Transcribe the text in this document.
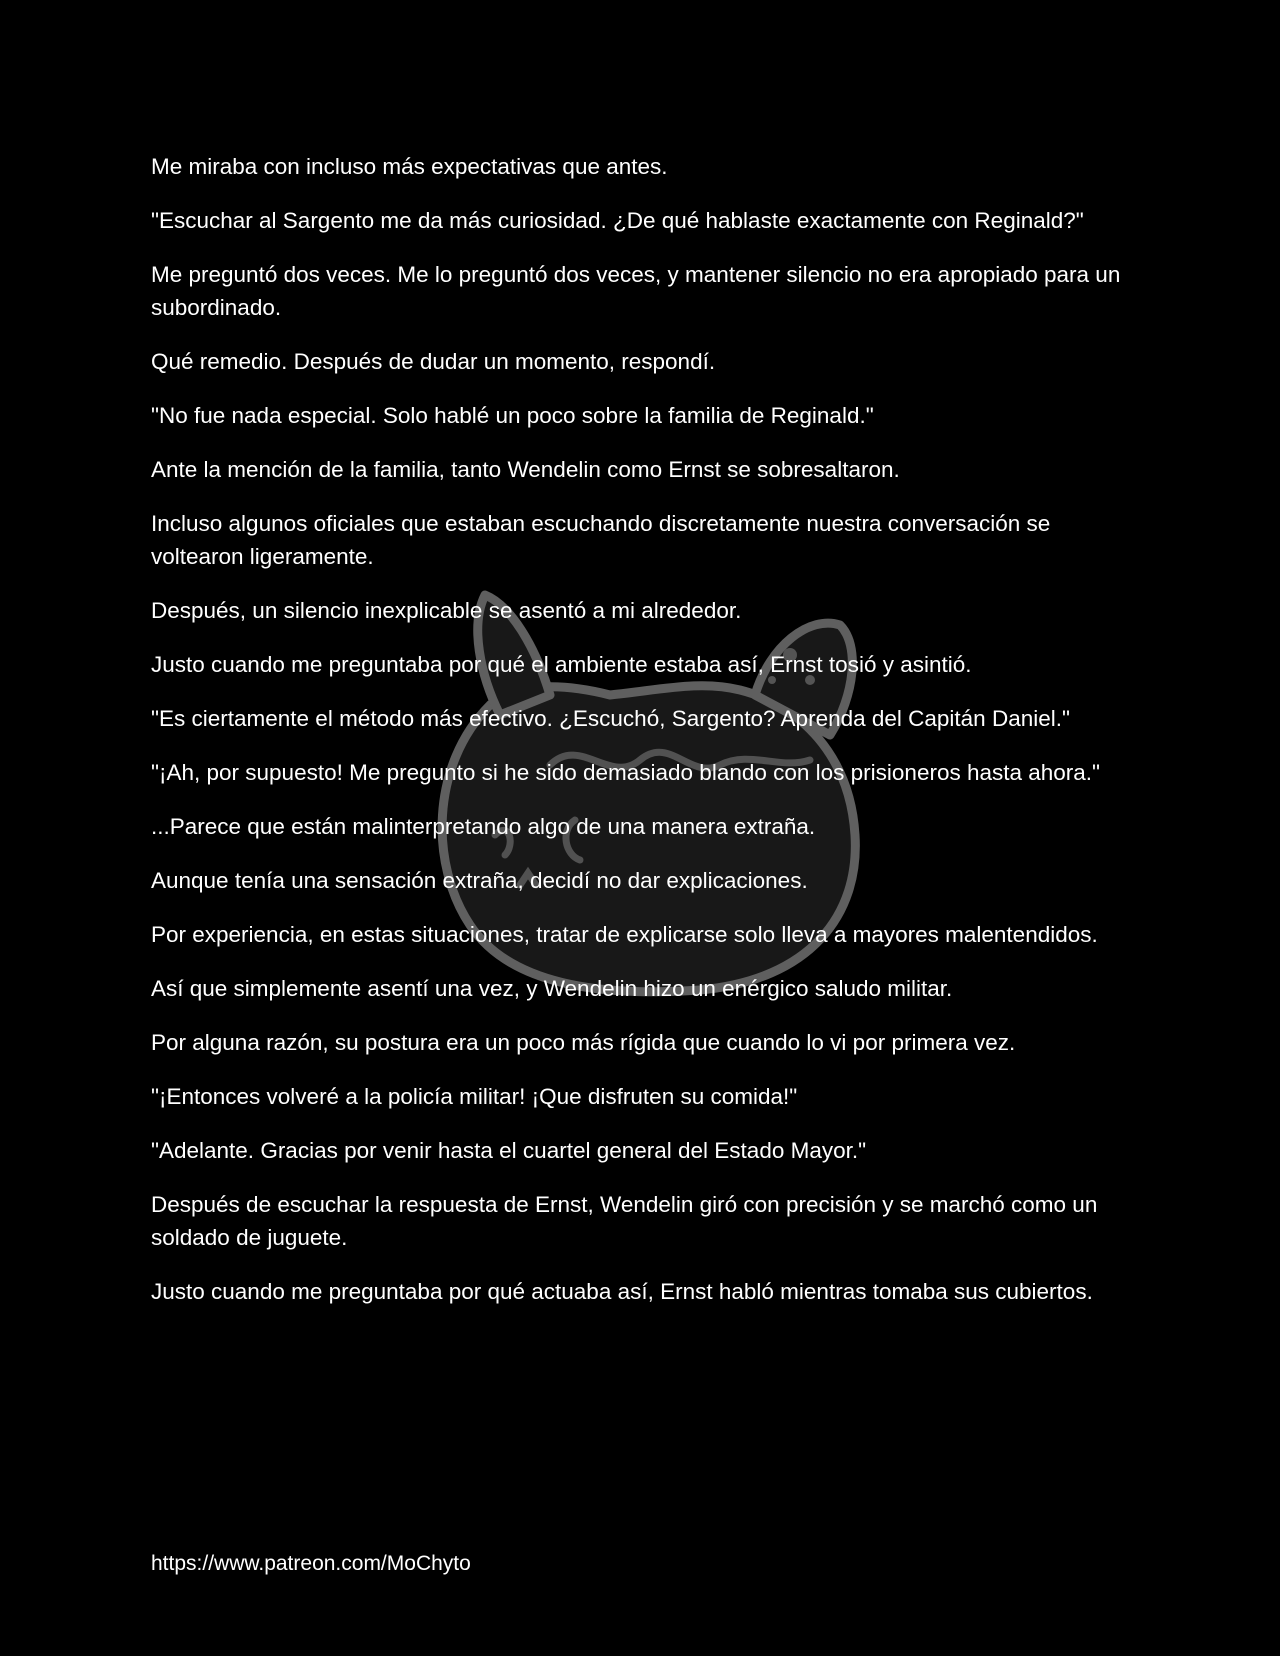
Me miraba con incluso más expectativas que antes.

"Escuchar al Sargento me da más curiosidad. ¿De qué hablaste exactamente con Reginald?"

Me preguntó dos veces. Me lo preguntó dos veces, y mantener silencio no era apropiado para un subordinado.

Qué remedio. Después de dudar un momento, respondí.

"No fue nada especial. Solo hablé un poco sobre la familia de Reginald."

Ante la mención de la familia, tanto Wendelin como Ernst se sobresaltaron.

Incluso algunos oficiales que estaban escuchando discretamente nuestra conversación se voltearon ligeramente.

Después, un silencio inexplicable se asentó a mi alrededor.

Justo cuando me preguntaba por qué el ambiente estaba así, Ernst tosió y asintió.

"Es ciertamente el método más efectivo. ¿Escuchó, Sargento? Aprenda del Capitán Daniel."

"¡Ah, por supuesto! Me pregunto si he sido demasiado blando con los prisioneros hasta ahora."

...Parece que están malinterpretando algo de una manera extraña.

Aunque tenía una sensación extraña, decidí no dar explicaciones.

Por experiencia, en estas situaciones, tratar de explicarse solo lleva a mayores malentendidos.

Así que simplemente asentí una vez, y Wendelin hizo un enérgico saludo militar.

Por alguna razón, su postura era un poco más rígida que cuando lo vi por primera vez.

"¡Entonces volveré a la policía militar! ¡Que disfruten su comida!"

"Adelante. Gracias por venir hasta el cuartel general del Estado Mayor."

Después de escuchar la respuesta de Ernst, Wendelin giró con precisión y se marchó como un soldado de juguete.

Justo cuando me preguntaba por qué actuaba así, Ernst habló mientras tomaba sus cubiertos.

https://www.patreon.com/MoChyto
